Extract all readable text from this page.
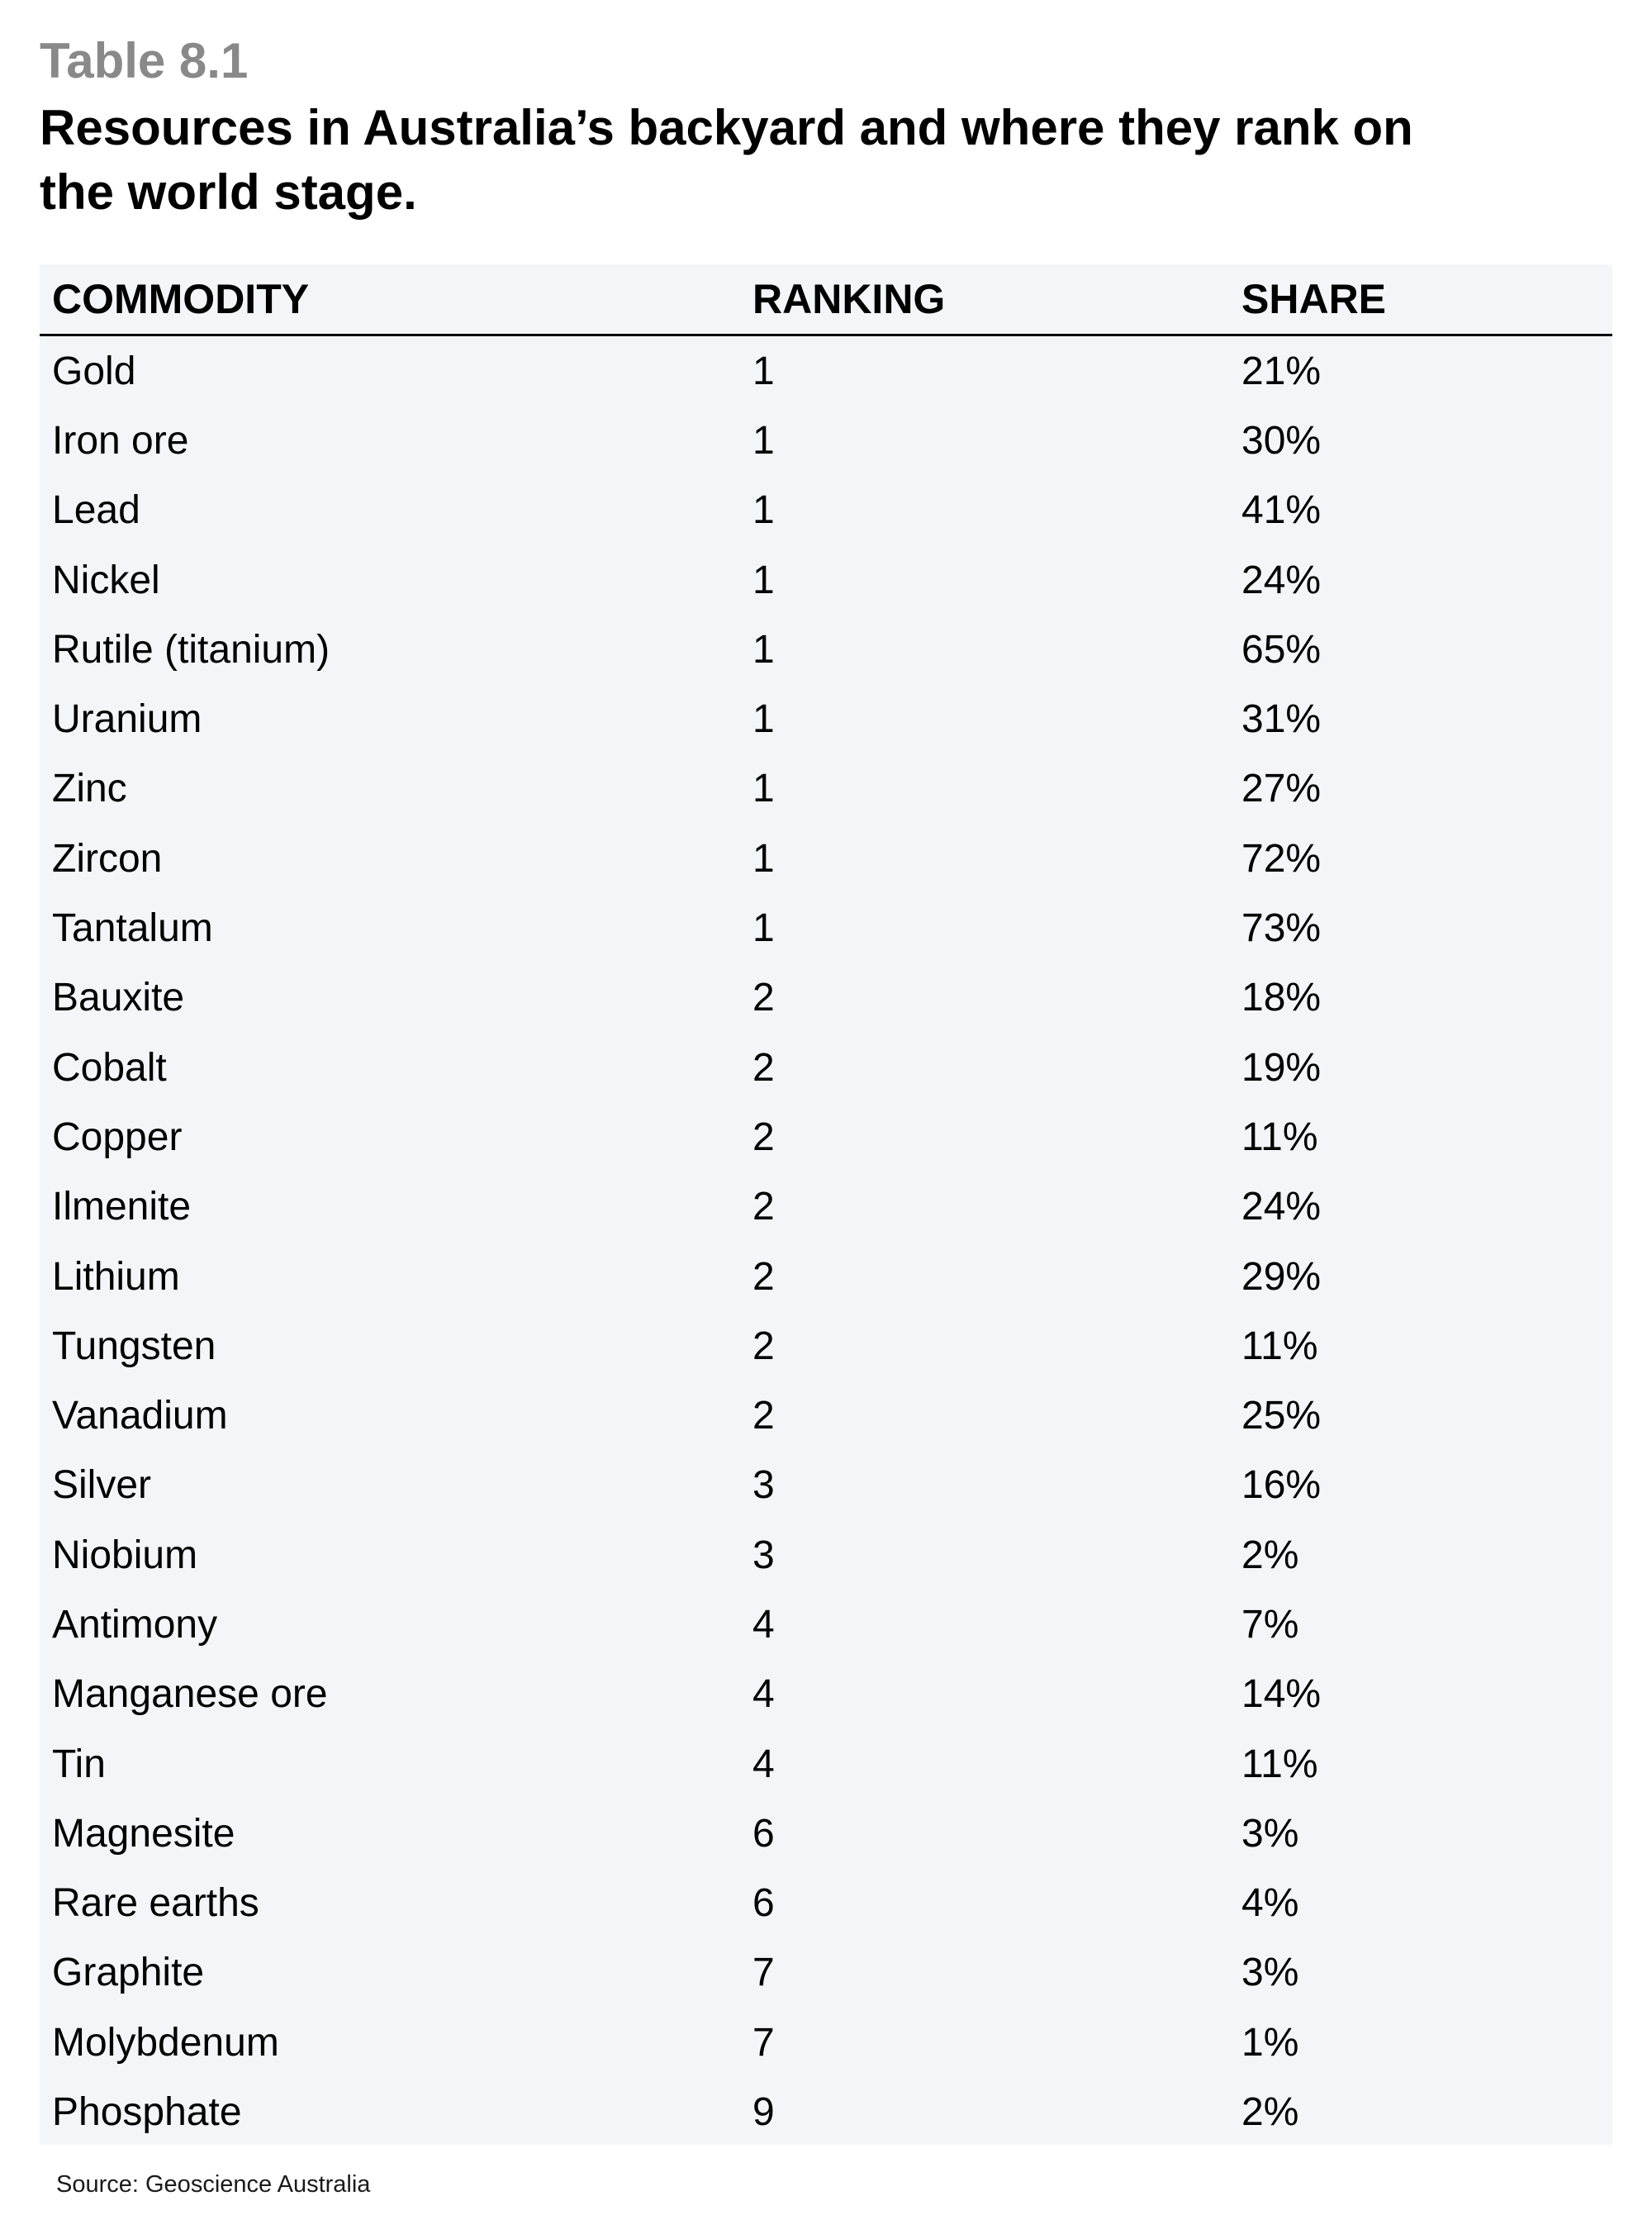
Table 8.1

Resources in Australia’s backyard and where they rank on the world stage.
COMMODITY	RANKING	SHARE
Gold	1	21%
Iron ore	1	30%
Lead	1	41%
Nickel	1	24%
Rutile (titanium)	1	65%
Uranium	1	31%
Zinc	1	27%
Zircon	1	72%
Tantalum	1	73%
Bauxite	2	18%
Cobalt	2	19%
Copper	2	11%
Ilmenite	2	24%
Lithium	2	29%
Tungsten	2	11%
Vanadium	2	25%
Silver	3	16%
Niobium	3	2%
Antimony	4	7%
Manganese ore	4	14%
Tin	4	11%
Magnesite	6	3%
Rare earths	6	4%
Graphite	7	3%
Molybdenum	7	1%
Phosphate	9	2%

Source: Geoscience Australia
